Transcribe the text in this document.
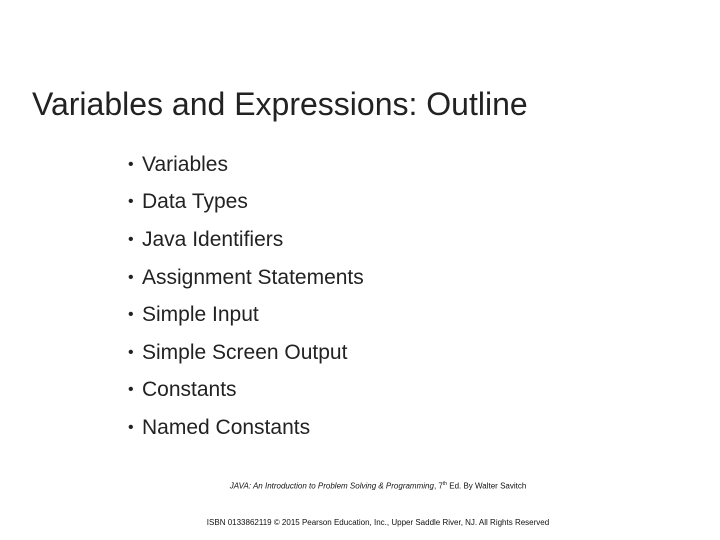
Variables and Expressions: Outline
• Variables
• Data Types
• Java Identifiers
• Assignment Statements
• Simple Input
• Simple Screen Output
• Constants
• Named Constants
JAVA: An Introduction to Problem Solving & Programming, 7th Ed. By Walter Savitch
ISBN 0133862119 © 2015 Pearson Education, Inc., Upper Saddle River, NJ. All Rights Reserved
